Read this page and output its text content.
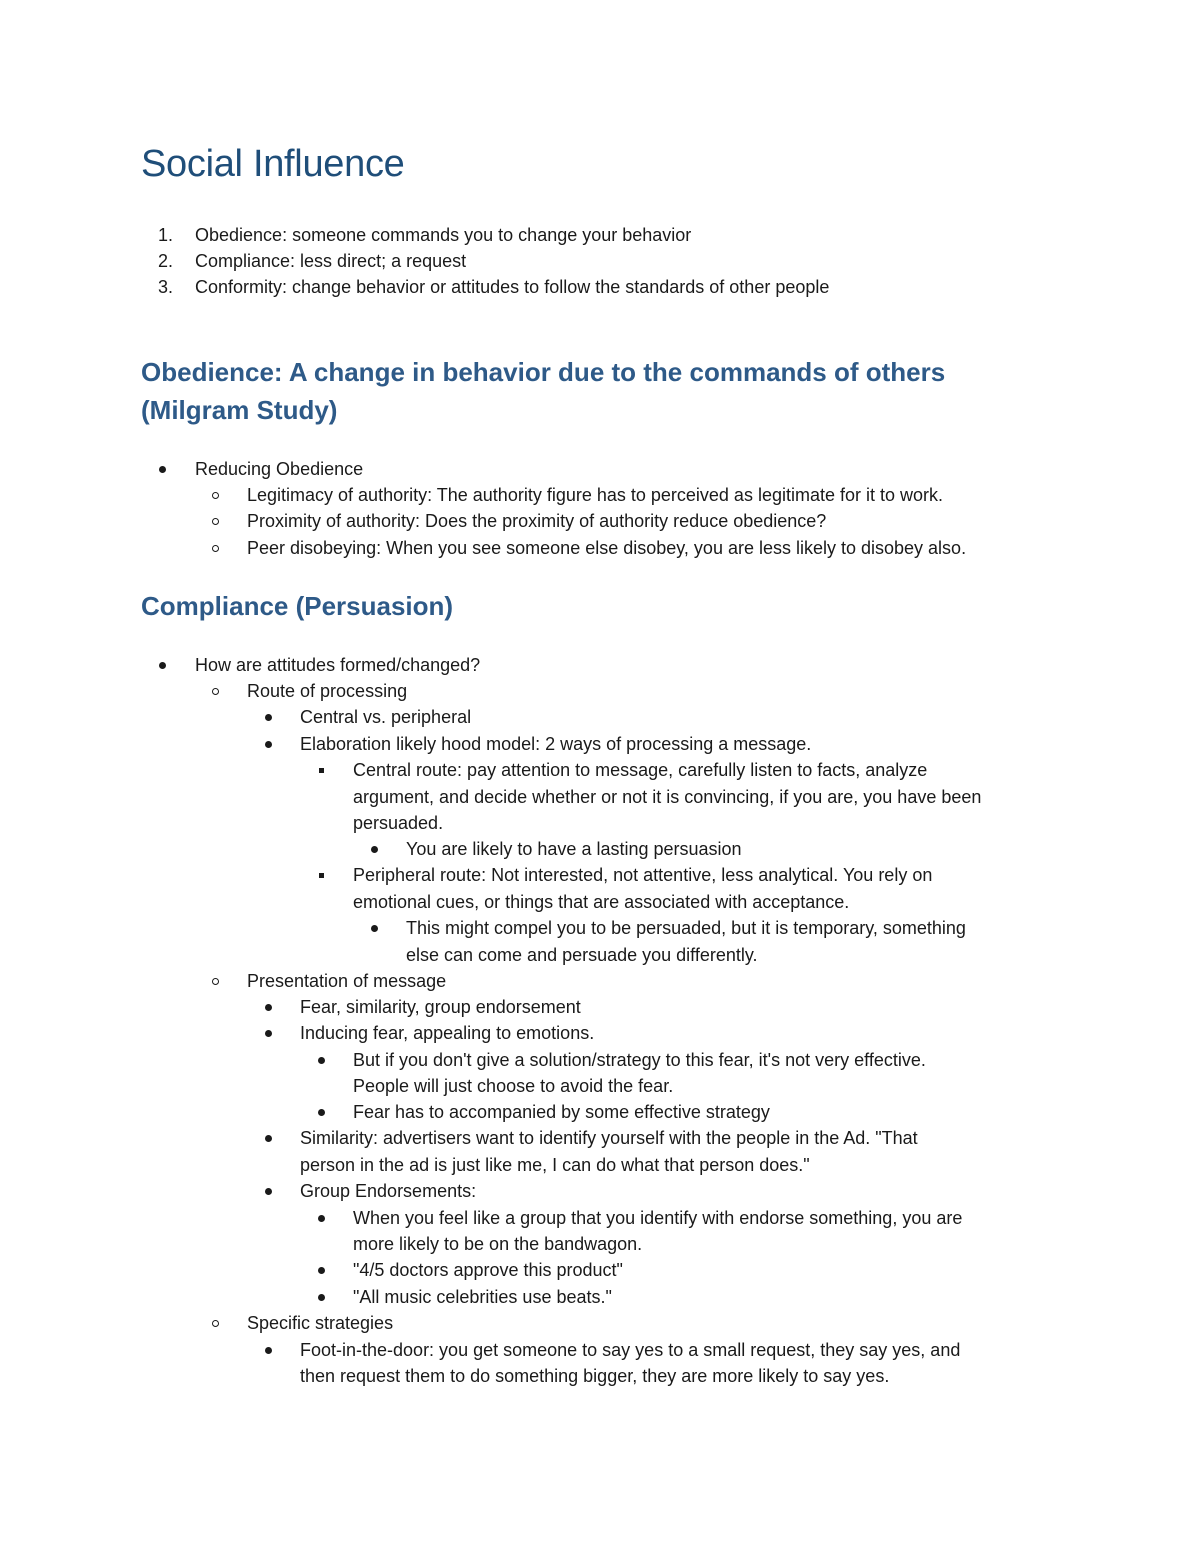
Social Influence
1. Obedience: someone commands you to change your behavior
2. Compliance: less direct; a request
3. Conformity: change behavior or attitudes to follow the standards of other people
Obedience: A change in behavior due to the commands of others
(Milgram Study)
Reducing Obedience
Legitimacy of authority: The authority figure has to perceived as legitimate for it to work.
Proximity of authority: Does the proximity of authority reduce obedience?
Peer disobeying: When you see someone else disobey, you are less likely to disobey also.
Compliance (Persuasion)
How are attitudes formed/changed?
Route of processing
Central vs. peripheral
Elaboration likely hood model: 2 ways of processing a message.
Central route: pay attention to message, carefully listen to facts, analyze
argument, and decide whether or not it is convincing, if you are, you have been
persuaded.
You are likely to have a lasting persuasion
Peripheral route: Not interested, not attentive, less analytical. You rely on
emotional cues, or things that are associated with acceptance.
This might compel you to be persuaded, but it is temporary, something
else can come and persuade you differently.
Presentation of message
Fear, similarity, group endorsement
Inducing fear, appealing to emotions.
But if you don't give a solution/strategy to this fear, it's not very effective.
People will just choose to avoid the fear.
Fear has to accompanied by some effective strategy
Similarity: advertisers want to identify yourself with the people in the Ad. "That
person in the ad is just like me, I can do what that person does."
Group Endorsements:
When you feel like a group that you identify with endorse something, you are
more likely to be on the bandwagon.
"4/5 doctors approve this product"
"All music celebrities use beats."
Specific strategies
Foot-in-the-door: you get someone to say yes to a small request, they say yes, and
then request them to do something bigger, they are more likely to say yes.
